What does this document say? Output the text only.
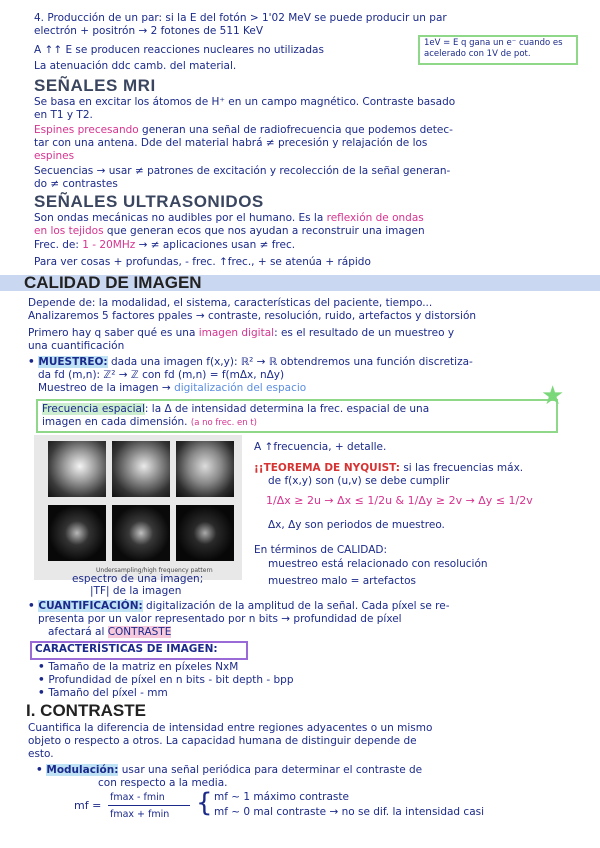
4. Producción de un par: si la E del fotón > 1'02 MeV se puede producir un par
electrón + positrón → 2 fotones de 511 KeV
A ↑↑ E se producen reacciones nucleares no utilizadas
La atenuación ddc camb. del material.
1eV = E q gana un e⁻ cuando es acelerado con 1V de pot.
SEÑALES MRI
Se basa en excitar los átomos de H⁺ en un campo magnético. Contraste basado
en T1 y T2.
Espines precesando generan una señal de radiofrecuencia que podemos detec-
tar con una antena. Dde del material habrá ≠ precesión y relajación de los
espines
Secuencias → usar ≠ patrones de excitación y recolección de la señal generan-
do ≠ contrastes
SEÑALES ULTRASONIDOS
Son ondas mecánicas no audibles por el humano. Es la reflexión de ondas
en los tejidos que generan ecos que nos ayudan a reconstruir una imagen
Frec. de: 1 - 20MHz → ≠ aplicaciones usan ≠ frec.
Para ver cosas + profundas, - frec. ↑frec., + se atenúa + rápido
CALIDAD DE IMAGEN
Depende de: la modalidad, el sistema, características del paciente, tiempo...
Analizaremos 5 factores ppales → contraste, resolución, ruido, artefactos y distorsión
Primero hay q saber qué es una imagen digital: es el resultado de un muestreo y
una cuantificación
• MUESTREO: dada una imagen f(x,y): ℝ² → ℝ obtendremos una función discretiza-
da fd (m,n): ℤ² → ℤ con fd (m,n) = f(mΔx, nΔy)
Muestreo de la imagen → digitalización del espacio
Frecuencia espacial: la Δ de intensidad determina la frec. espacial de una
imagen en cada dimensión. (a no frec. en t)
★
Undersampling/high frequency pattern
espectro de una imagen;
|TF| de la imagen
A ↑frecuencia, + detalle.
¡¡TEOREMA DE NYQUIST: si las frecuencias máx.
de f(x,y) son (u,v) se debe cumplir
1/Δx ≥ 2u → Δx ≤ 1/2u & 1/Δy ≥ 2v → Δy ≤ 1/2v
Δx, Δy son periodos de muestreo.
En términos de CALIDAD:
muestreo está relacionado con resolución
muestreo malo = artefactos
• CUANTIFICACIÓN: digitalización de la amplitud de la señal. Cada píxel se re-
presenta por un valor representado por n bits → profundidad de píxel
afectará al CONTRASTE
CARACTERÍSTICAS DE IMAGEN:
• Tamaño de la matriz en píxeles NxM
• Profundidad de píxel en n bits - bit depth - bpp
• Tamaño del píxel - mm
I. CONTRASTE
Cuantifica la diferencia de intensidad entre regiones adyacentes o un mismo
objeto o respecto a otros. La capacidad humana de distinguir depende de
esto.
• Modulación: usar una señal periódica para determinar el contraste de
con respecto a la media.
mf =
fmax - fmin
fmax + fmin { mf ~ 1 máximo contraste
mf ~ 0 mal contraste → no se dif. la intensidad casi
